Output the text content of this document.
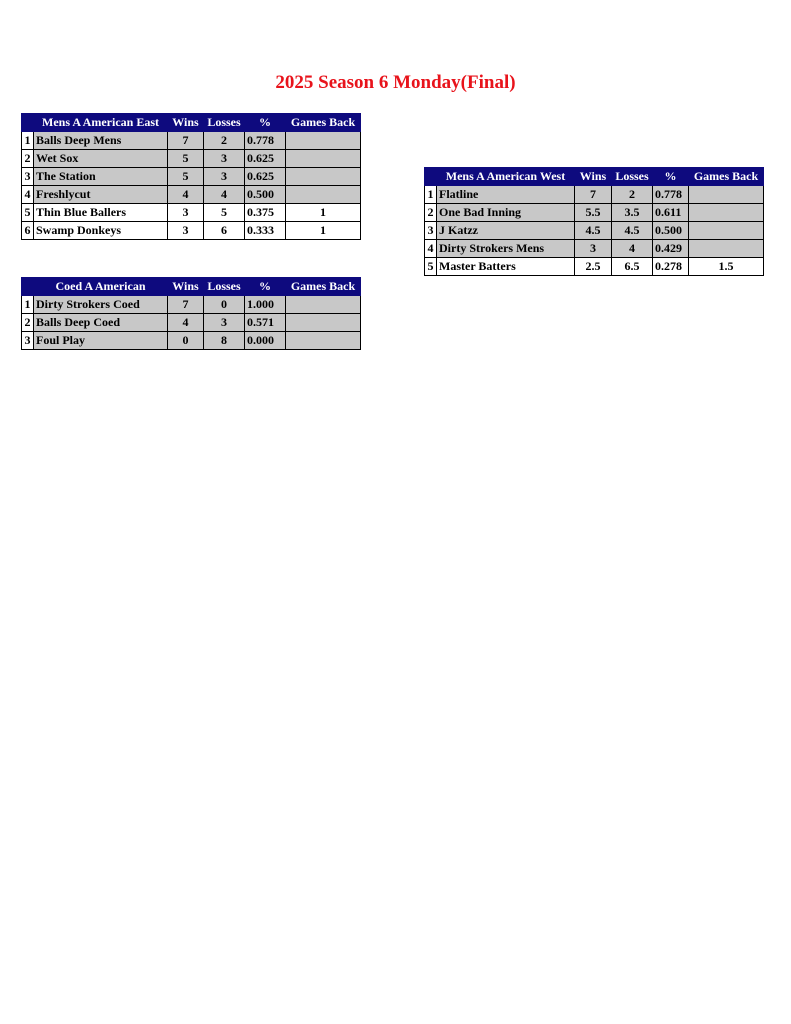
2025 Season 6 Monday(Final)
	Mens A American East	Wins	Losses	%	Games Back
1	Balls Deep Mens	7	2	0.778	
2	Wet Sox	5	3	0.625	
3	The Station	5	3	0.625	
4	Freshlycut	4	4	0.500	
5	Thin Blue Ballers	3	5	0.375	1
6	Swamp Donkeys	3	6	0.333	1
	Mens A American West	Wins	Losses	%	Games Back
1	Flatline	7	2	0.778	
2	One Bad Inning	5.5	3.5	0.611	
3	J Katzz	4.5	4.5	0.500	
4	Dirty Strokers Mens	3	4	0.429	
5	Master Batters	2.5	6.5	0.278	1.5
	Coed A American	Wins	Losses	%	Games Back
1	Dirty Strokers Coed	7	0	1.000	
2	Balls Deep Coed	4	3	0.571	
3	Foul Play	0	8	0.000	
